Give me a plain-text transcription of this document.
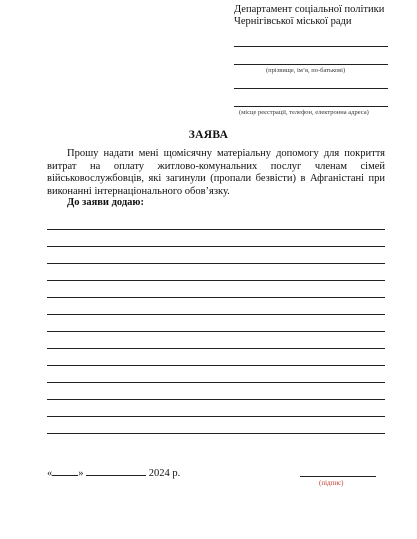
Департамент соціальної політики
Чернігівської міської ради
(прізвище, ім’я, по-батькові)
(місце реєстрації, телефон, електронна адреса)
ЗАЯВА
Прошу надати мені щомісячну матеріальну допомогу для покриття витрат на оплату житлово-комунальних послуг членам сімей військовослужбовців, які загинули (пропали безвісти) в Афганістані при виконанні інтернаціонального обов’язку.
До заяви додаю:
« »	2024 р.
(підпис)
